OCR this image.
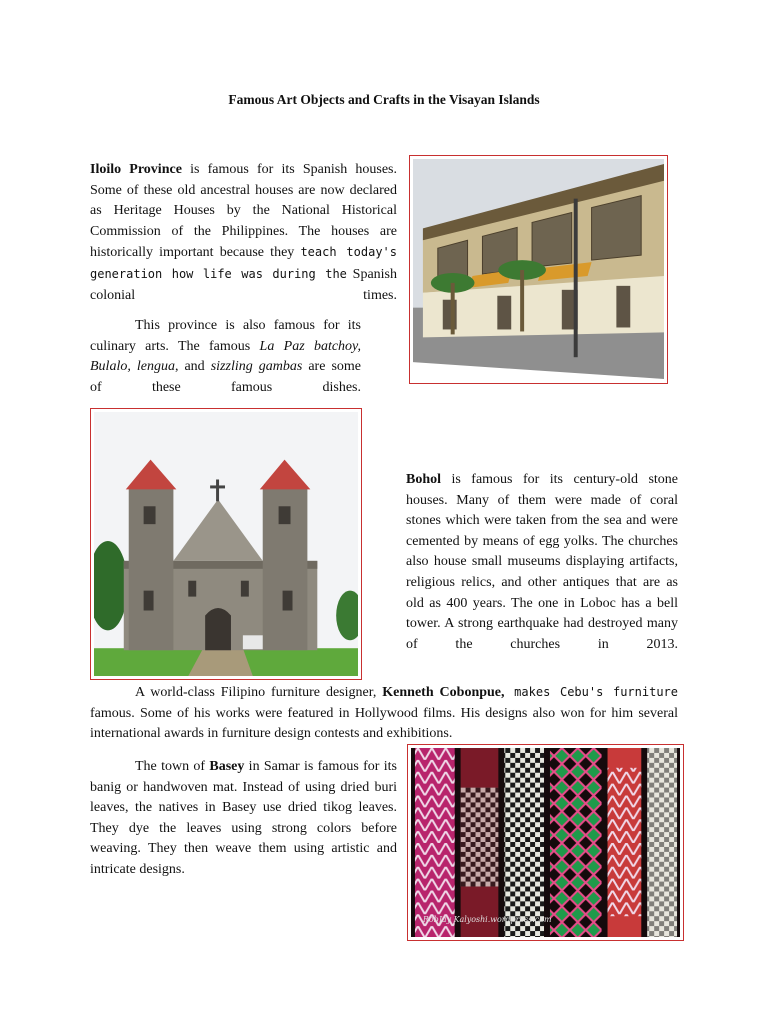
Famous Art Objects and Crafts in the Visayan Islands

Iloilo Province is famous for its Spanish houses. Some of these old ancestral houses are now declared as Heritage Houses by the National Historical Commission of the Philippines. The houses are historically important because they teach today's generation how life was during the Spanish colonial times.

This province is also famous for its culinary arts. The famous La Paz batchoy, Bulalo, lengua, and sizzling gambas are some of these famous dishes.

Bohol is famous for its century-old stone houses. Many of them were made of coral stones which were taken from the sea and were cemented by means of egg yolks. The churches also house small museums displaying artifacts, religious relics, and other antiques that are as old as 400 years. The one in Loboc has a bell tower. A strong earthquake had destroyed many of the churches in 2013.

A world-class Filipino furniture designer, Kenneth Cobonpue, makes Cebu's furniture famous. Some of his works were featured in Hollywood films. His designs also won for him several international awards in furniture design contests and exhibitions.

The town of Basey in Samar is famous for its banig or handwoven mat. Instead of using dried buri leaves, the natives in Basey use dried tikog leaves. They dye the leaves using strong colors before weaving. They then weave them using artistic and intricate designs.

RobJay Kalyoshi.wordpress.com
